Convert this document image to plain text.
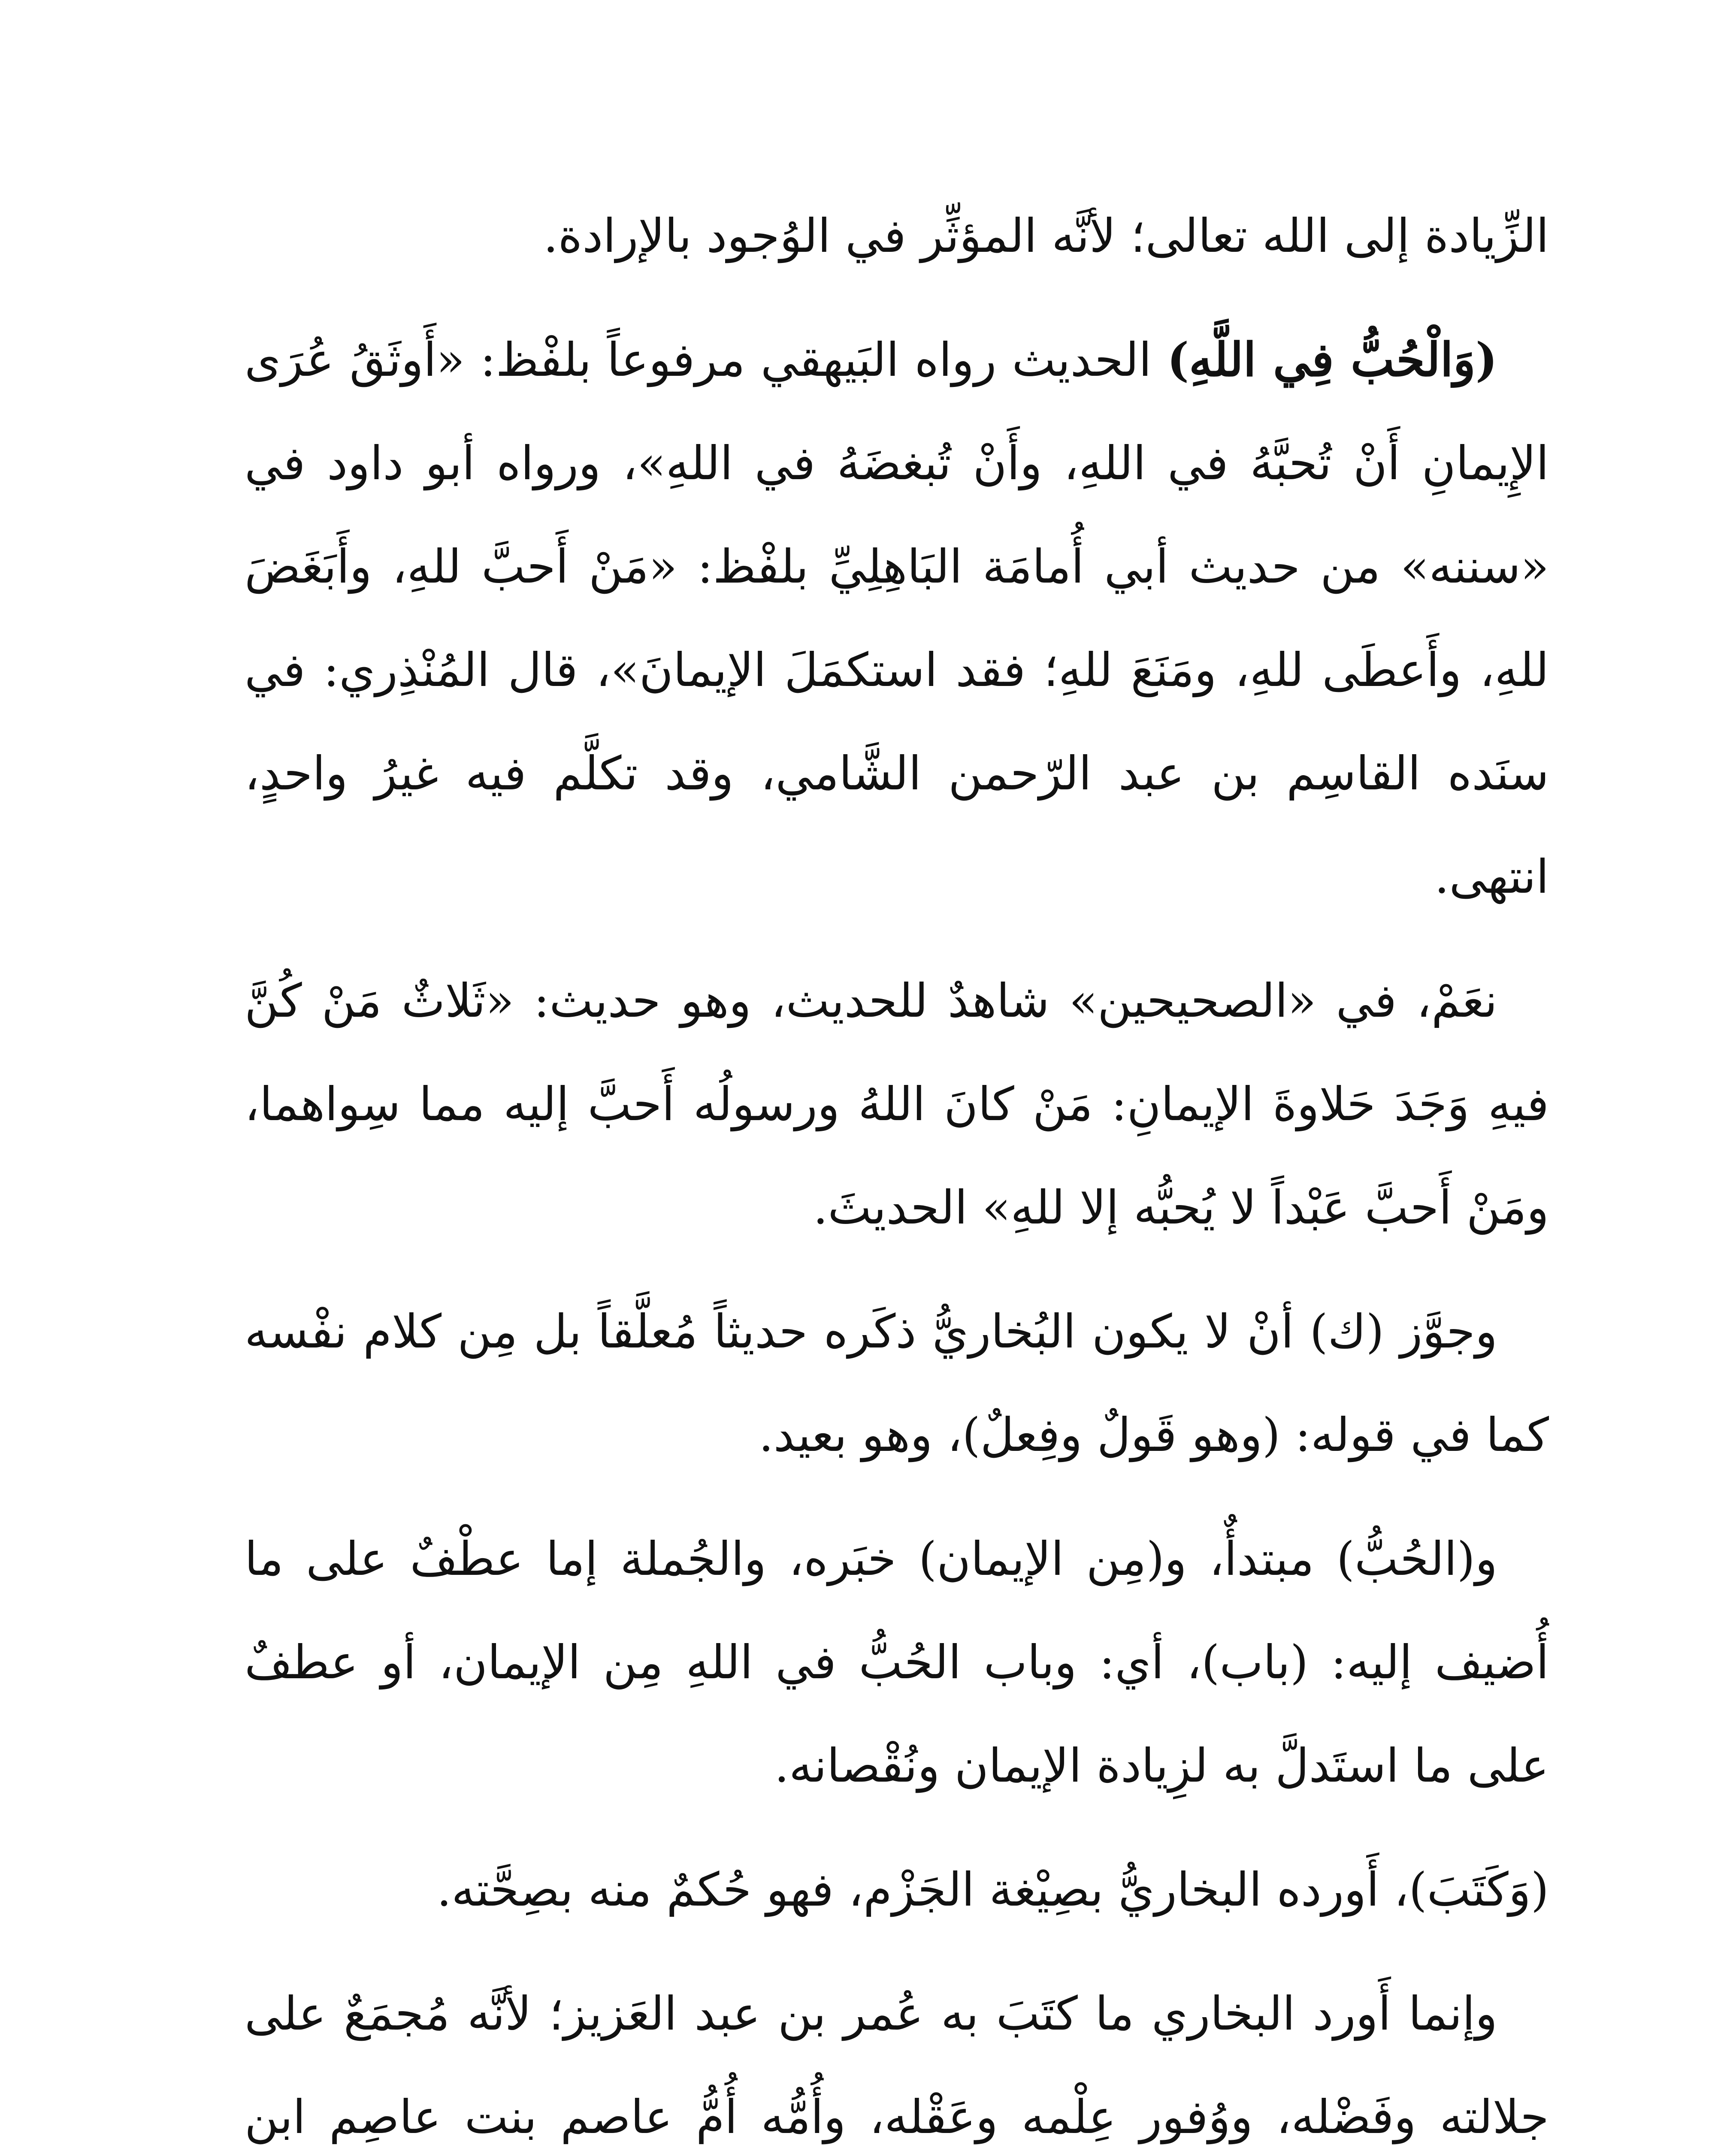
الزِّيادة إلى الله تعالى؛ لأنَّه المؤثِّر في الوُجود بالإرادة.

(وَالْحُبُّ فِي اللَّهِ) الحديث رواه البَيهقي مرفوعاً بلفْظ: «أَوثَقُ عُرَى الإِيمانِ أَنْ تُحبَّهُ في اللهِ، وأَنْ تُبغضَهُ في اللهِ»، ورواه أبو داود في «سننه» من حديث أبي أُمامَة البَاهِلِيِّ بلفْظ: «مَنْ أَحبَّ للهِ، وأَبَغَضَ للهِ، وأَعطَى للهِ، ومَنَعَ للهِ؛ فقد استكمَلَ الإيمانَ»، قال المُنْذِري: في سنَده القاسِم بن عبد الرّحمن الشَّامي، وقد تكلَّم فيه غيرُ واحدٍ، انتهى.

نعَمْ، في «الصحيحين» شاهدٌ للحديث، وهو حديث: «ثَلاثٌ مَنْ كُنَّ فيهِ وَجَدَ حَلاوةَ الإيمانِ: مَنْ كانَ اللهُ ورسولُه أَحبَّ إليه مما سِواهما، ومَنْ أَحبَّ عَبْداً لا يُحبُّه إلا للهِ» الحديثَ.

وجوَّز (ك) أنْ لا يكون البُخاريُّ ذكَره حديثاً مُعلَّقاً بل مِن كلام نفْسه كما في قوله: (وهو قَولٌ وفِعلٌ)، وهو بعيد.

و(الحُبُّ) مبتدأٌ، و(مِن الإيمان) خبَره، والجُملة إما عطْفٌ على ما أُضيف إليه: (باب)، أي: وباب الحُبُّ في اللهِ مِن الإيمان، أو عطفٌ على ما استَدلَّ به لزِيادة الإيمان ونُقْصانه.

(وَكَتَبَ)، أَورده البخاريُّ بصِيْغة الجَزْم، فهو حُكمٌ منه بصِحَّته.

وإنما أَورد البخاري ما كتَبَ به عُمر بن عبد العَزيز؛ لأنَّه مُجمَعٌ على جلالته وفَضْله، ووُفور عِلْمه وعَقْله، وأُمُّه أُمُّ عاصم بنت عاصِم ابن
